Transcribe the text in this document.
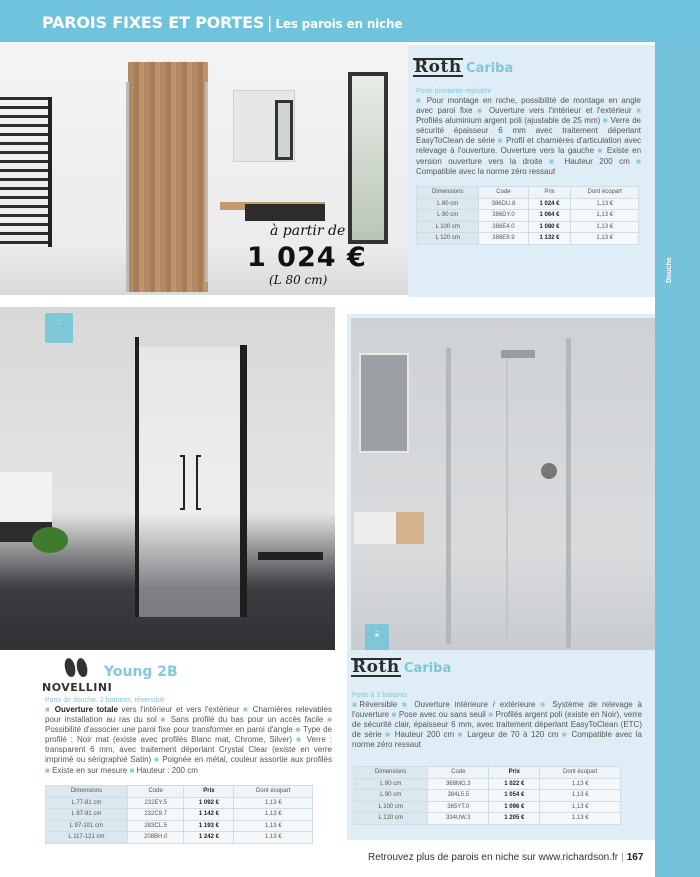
PAROIS FIXES ET PORTES | Les parois en niche
Douche
à partir de
1 024 €
(L 80 cm)
Roth Cariba
Porte pivotante repliable
■ Pour montage en niche, possibilité de montage en angle avec paroi fixe ■ Ouverture vers l'intérieur et l'extérieur ■ Profilés aluminium argent poli (ajustable de 25 mm) ■ Verre de sécurité épaisseur 6 mm avec traitement déperlant EasyToClean de série ■ Profil et charnières d'articulation avec relevage à l'ouverture. Ouverture vers la gauche ■ Existe en version ouverture vers la droite ■ Hauteur 200 cm ■ Compatible avec la norme zéro ressaut
Dimensions	Code	Prix	Dont écopart
L 80 cm	386DU.8	1 024 €	1,13 €
L 90 cm	386DY.0	1 064 €	1,13 €
L 100 cm	386E4.0	1 080 €	1,13 €
L 120 cm	386E9.9	1 132 €	1,13 €
▭
─
▭
▮▮
NOVELLINI
Young 2B
Paroi de douche, 2 battants, réversible
■ Ouverture totale vers l'intérieur et vers l'extérieur ■ Charnières relevables pour installation au ras du sol ■ Sans profilé du bas pour un accès facile ■ Possibilité d'associer une paroi fixe pour transformer en paroi d'angle ■ Type de profilé : Noir mat (existe avec profilés Blanc mat, Chrome, Silver) ■ Verre : transparent 6 mm, avec traitement déperlant Crystal Clear (existe en verre imprimé ou sérigraphié Satin) ■ Poignée en métal, couleur assortie aux profilés ■ Existe en sur mesure ■ Hauteur : 200 cm
Dimensions	Code	Prix	Dont écopart
L 77-81 cm	232EY.5	1 092 €	1,13 €
L 87-91 cm	232C9.7	1 142 €	1,13 €
L 97-101 cm	283CL.5	1 193 €	1,13 €
L 117-121 cm	208BH.0	1 242 €	1,13 €
Roth Cariba
Porte à 2 battants
■Réversible ■ Ouverture intérieure / extérieure ■ Système de relevage à l'ouverture ■ Pose avec ou sans seuil ■ Profilés argent poli (existe en Noir), verre de sécurité clair, épaisseur 6 mm, avec traitement déperlant EasyToClean (ETC) de série ■ Hauteur 200 cm ■ Largeur de 70 à 120 cm ■ Compatible avec la norme zéro ressaut
Dimensions	Code	Prix	Dont écopart
L 80 cm	368MG.3	1 022 €	1,13 €
L 90 cm	384L5.5	1 054 €	1,13 €
L 100 cm	365YT.0	1 096 €	1,13 €
L 120 cm	334UW.3	1 205 €	1,13 €
Retrouvez plus de parois en niche sur www.richardson.fr | 167
